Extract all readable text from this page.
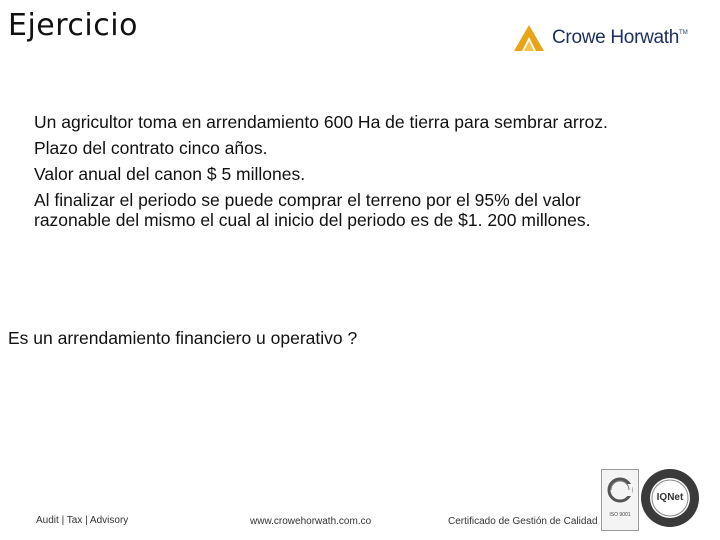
Ejercicio	Crowe Horwath TM

Un agricultor toma en arrendamiento 600 Ha de tierra para sembrar arroz.

Plazo del contrato cinco años.

Valor anual del canon $ 5 millones.

Al finalizar el periodo se puede comprar el terreno por el 95% del valor razonable del mismo el cual al inicio del periodo es de $1. 200 millones.

Es un arrendamiento financiero u operativo ?
Audit | Tax | Advisory	www.crowehorwath.com.co	Certificado de Gestión de Calidad
ISO 9001
IQNet
